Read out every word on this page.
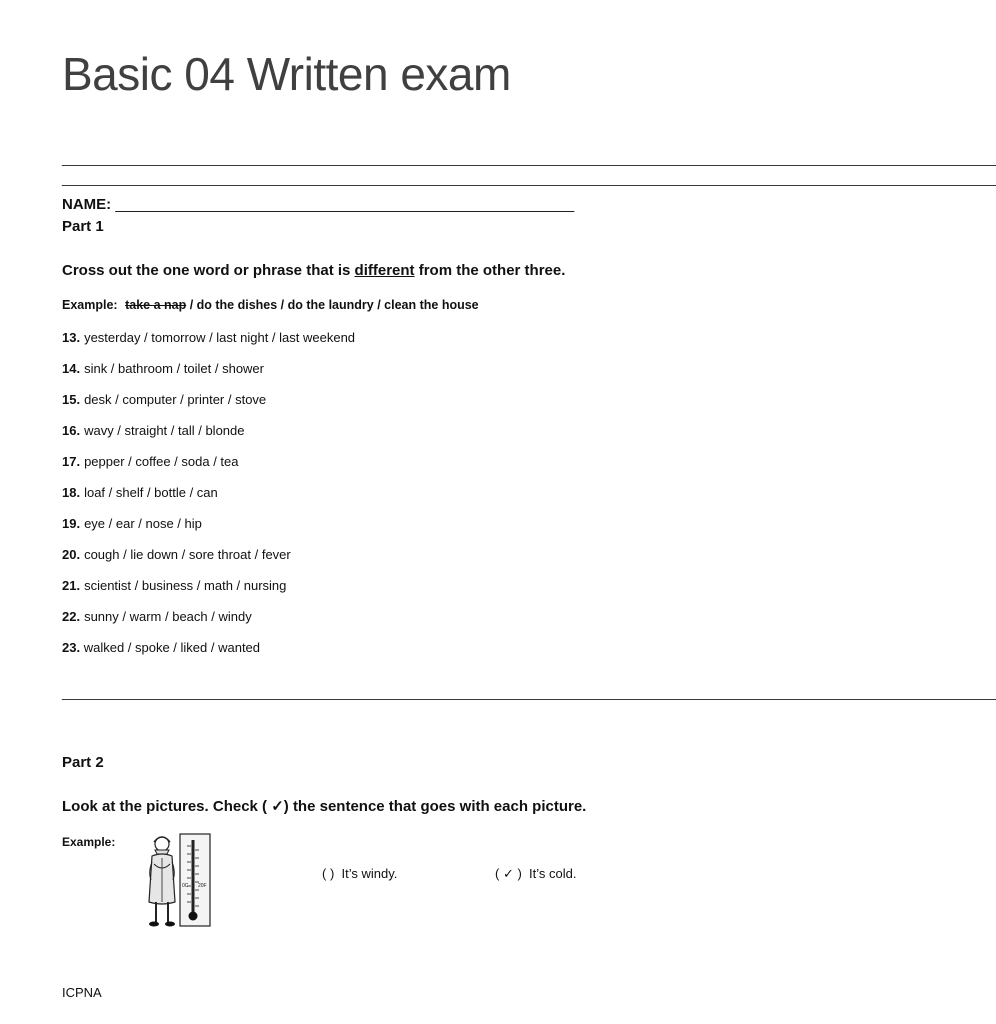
Basic 04 Written exam
________________________________________________________________________________________________________________________
________________________________________________________________________________________________________________________
NAME: _______________________________________________________
Part 1
Cross out the one word or phrase that is different from the other three.
Example: take a nap / do the dishes / do the laundry / clean the house
13. yesterday / tomorrow / last night / last weekend
14. sink / bathroom / toilet / shower
15. desk / computer / printer / stove
16. wavy / straight / tall / blonde
17. pepper / coffee / soda / tea
18. loaf / shelf / bottle / can
19. eye / ear / nose / hip
20. cough / lie down / sore throat / fever
21. scientist / business / math / nursing
22. sunny / warm / beach / windy
23. walked / spoke / liked / wanted
________________________________________________________________________________________________________________________
Part 2
Look at the pictures. Check ( ✓) the sentence that goes with each picture.
Example:
0C 20F
( ) It’s windy.	( ✓ ) It’s cold.
ICPNA
